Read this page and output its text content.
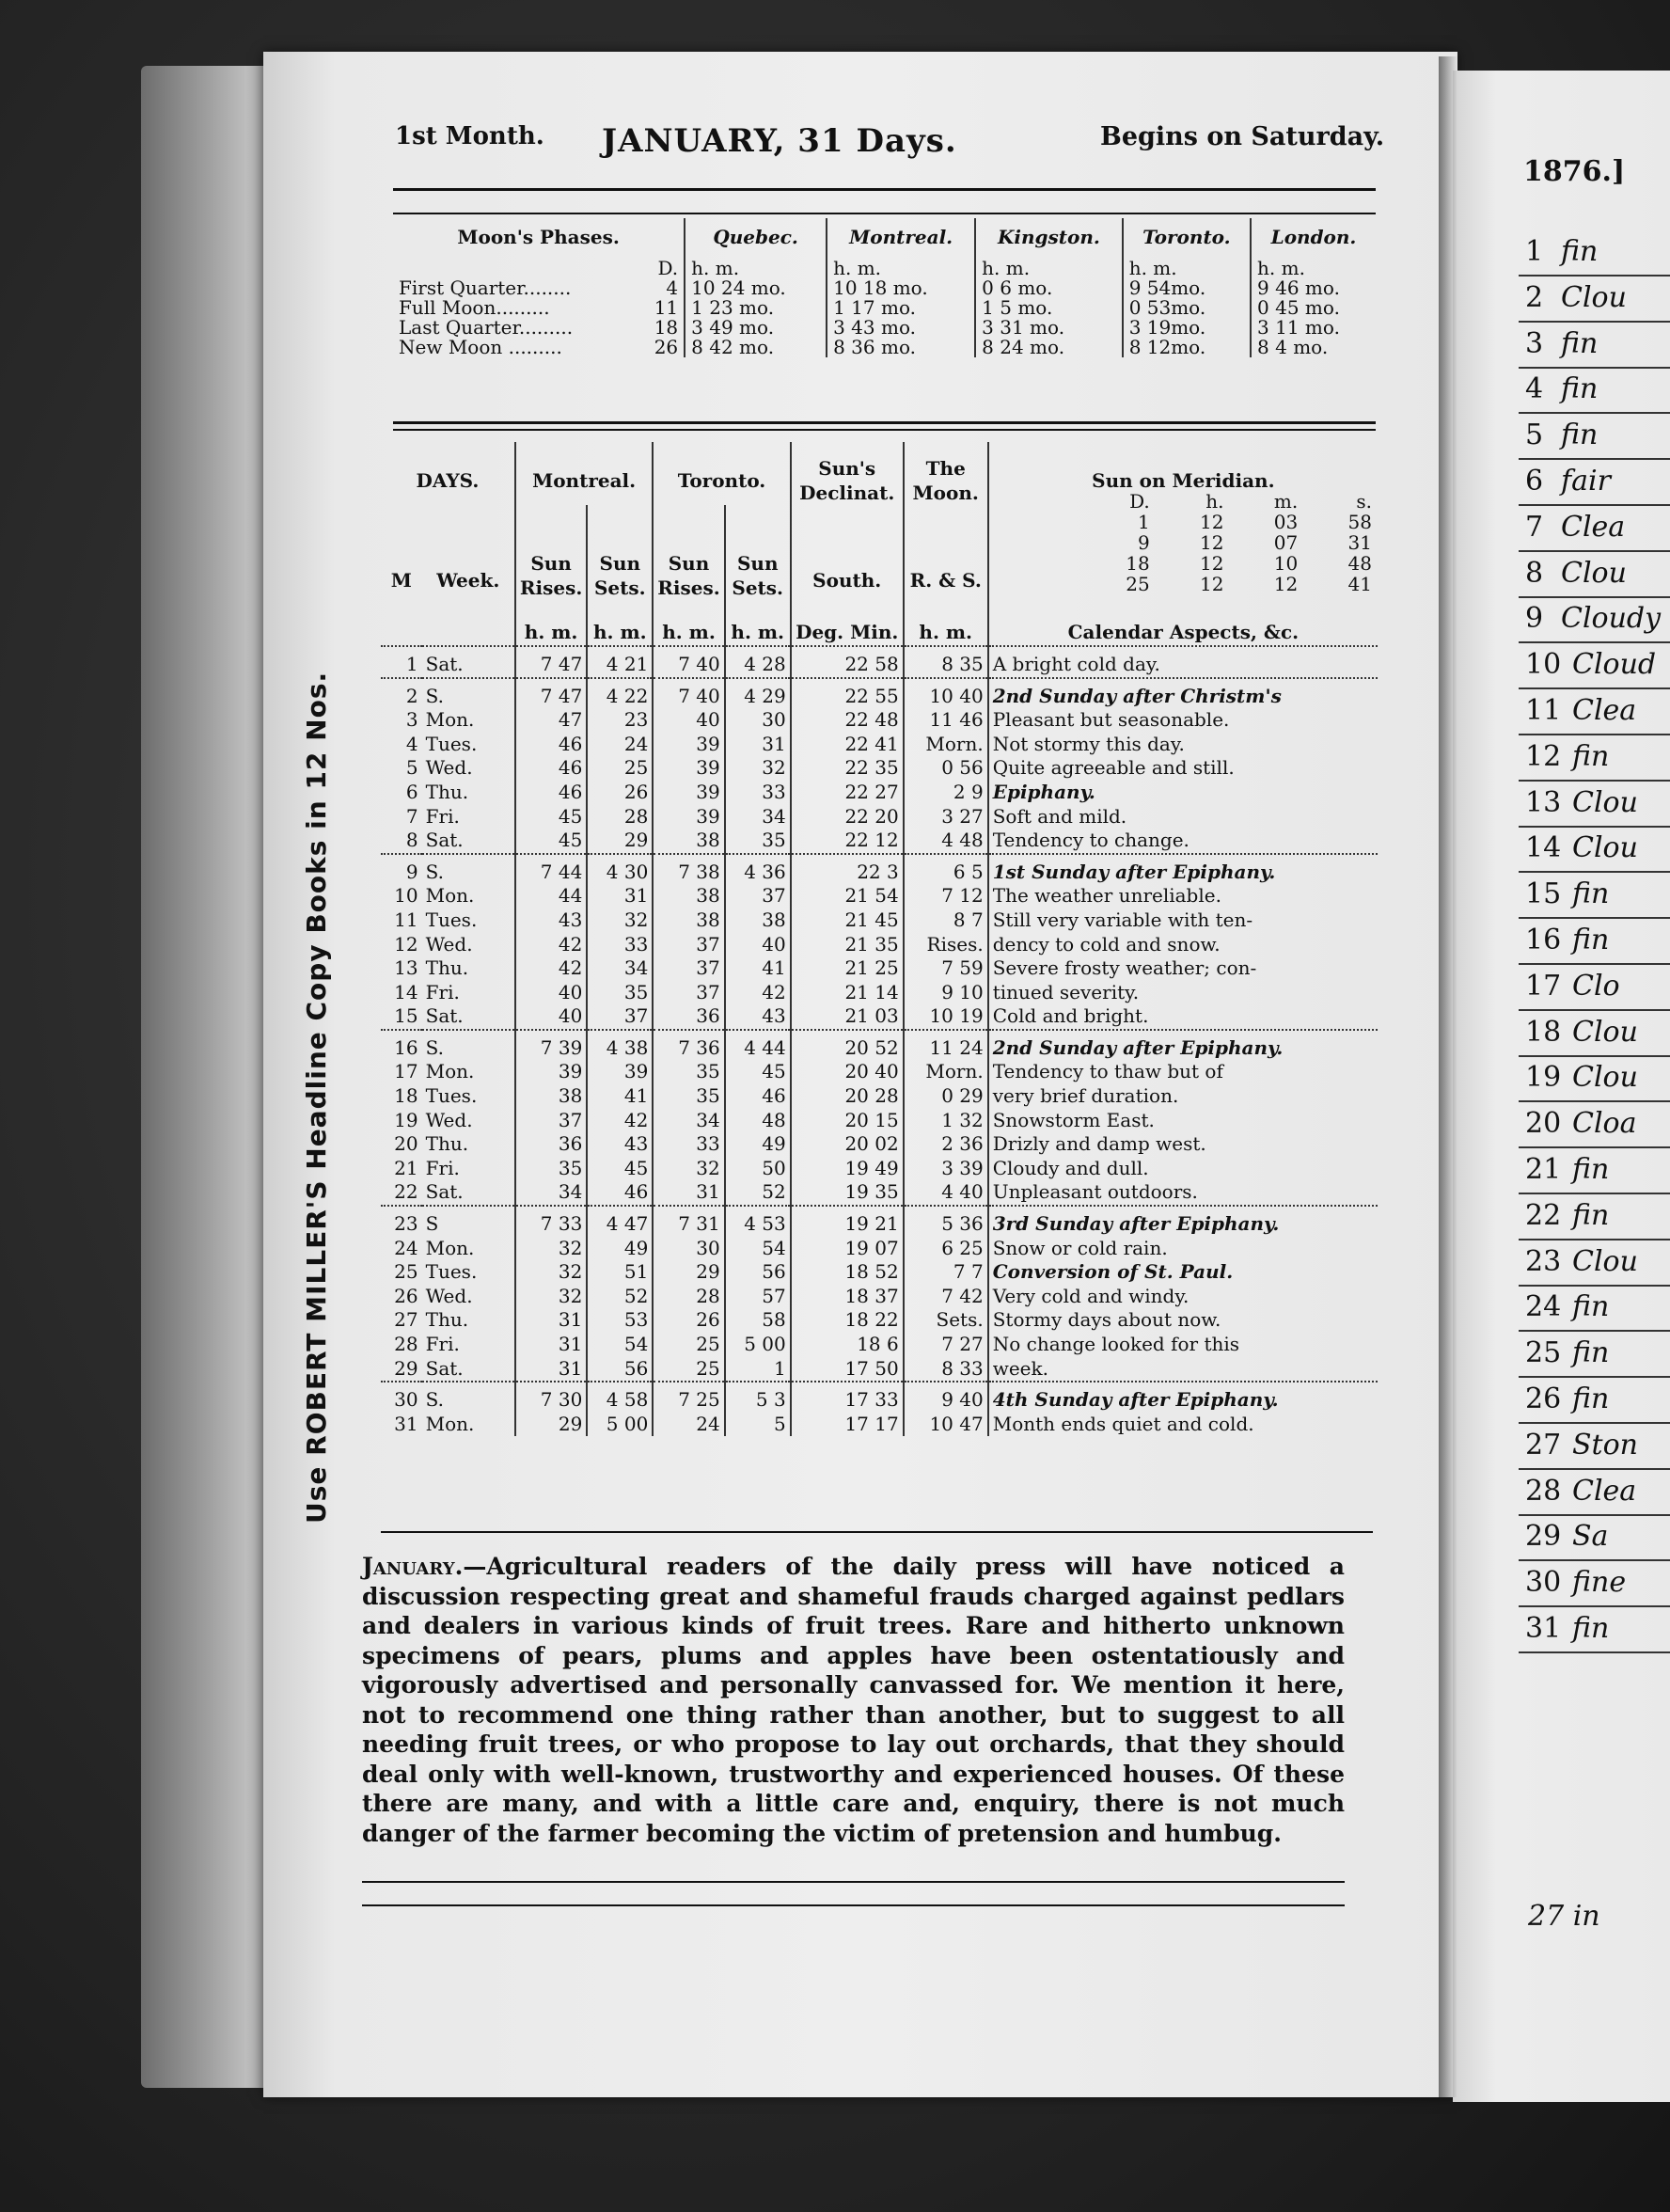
1st Month. JANUARY, 31 Days.	Begins on Saturday.
Use ROBERT MILLER'S Headline Copy Books in 12 Nos.
Moon's Phases.		Quebec.	Montreal.	Kingston.	Toronto.	London.
	D.	h. m.	h. m.	h. m.	h. m.	h. m.
First Quarter........	4	10 24 mo.	10 18 mo.	0 6 mo.	9 54mo.	9 46 mo.
Full Moon.........	11	1 23 mo.	1 17 mo.	1 5 mo.	0 53mo.	0 45 mo.
Last Quarter.........	18	3 49 mo.	3 43 mo.	3 31 mo.	3 19mo.	3 11 mo.
New Moon .........	26	8 42 mo.	8 36 mo.	8 24 mo.	8 12mo.	8 4 mo.
DAYS.		Montreal.		Toronto.		Sun's Declinat.	The Moon.	Sun on Meridian.
M	Week.	Sun Rises.	Sun Sets.	Sun Rises.	Sun Sets.	South.	R. & S.	
		h. m.	h. m.	h. m.	h. m.	Deg. Min.	h. m.	Calendar Aspects, &c.
1	Sat.	7 47	4 21	7 40	4 28	22 58	8 35	A bright cold day.
2	S.	7 47	4 22	7 40	4 29	22 55	10 40	2nd Sunday after Christm's
3	Mon.	47	23	40	30	22 48	11 46	Pleasant but seasonable.
4	Tues.	46	24	39	31	22 41	Morn.	Not stormy this day.
5	Wed.	46	25	39	32	22 35	0 56	Quite agreeable and still.
6	Thu.	46	26	39	33	22 27	2 9	Epiphany.
7	Fri.	45	28	39	34	22 20	3 27	Soft and mild.
8	Sat.	45	29	38	35	22 12	4 48	Tendency to change.
9	S.	7 44	4 30	7 38	4 36	22 3	6 5	1st Sunday after Epiphany.
10	Mon.	44	31	38	37	21 54	7 12	The weather unreliable.
11	Tues.	43	32	38	38	21 45	8 7	Still very variable with ten-
12	Wed.	42	33	37	40	21 35	Rises.	dency to cold and snow.
13	Thu.	42	34	37	41	21 25	7 59	Severe frosty weather; con-
14	Fri.	40	35	37	42	21 14	9 10	tinued severity.
15	Sat.	40	37	36	43	21 03	10 19	Cold and bright.
16	S.	7 39	4 38	7 36	4 44	20 52	11 24	2nd Sunday after Epiphany.
17	Mon.	39	39	35	45	20 40	Morn.	Tendency to thaw but of
18	Tues.	38	41	35	46	20 28	0 29	very brief duration.
19	Wed.	37	42	34	48	20 15	1 32	Snowstorm East.
20	Thu.	36	43	33	49	20 02	2 36	Drizly and damp west.
21	Fri.	35	45	32	50	19 49	3 39	Cloudy and dull.
22	Sat.	34	46	31	52	19 35	4 40	Unpleasant outdoors.
23	S	7 33	4 47	7 31	4 53	19 21	5 36	3rd Sunday after Epiphany.
24	Mon.	32	49	30	54	19 07	6 25	Snow or cold rain.
25	Tues.	32	51	29	56	18 52	7 7	Conversion of St. Paul.
26	Wed.	32	52	28	57	18 37	7 42	Very cold and windy.
27	Thu.	31	53	26	58	18 22	Sets.	Stormy days about now.
28	Fri.	31	54	25	5 00	18 6	7 27	No change looked for this
29	Sat.	31	56	25	1	17 50	8 33	week.
30	S.	7 30	4 58	7 25	5 3	17 33	9 40	4th Sunday after Epiphany.
31	Mon.	29	5 00	24	5	17 17	10 47	Month ends quiet and cold.

D.	h.	m.	s.
1	12	03	58
9	12	07	31
18	12	10	48
25	12	12	41
January.—Agricultural readers of the daily press will have noticed a discussion respecting great and shameful frauds charged against pedlars and dealers in various kinds of fruit trees. Rare and hitherto unknown specimens of pears, plums and apples have been ostentatiously and vigorously advertised and personally canvassed for. We mention it here, not to recommend one thing rather than another, but to suggest to all needing fruit trees, or who propose to lay out orchards, that they should deal only with well-known, trustworthy and experienced houses. Of these there are many, and with a little care and, enquiry, there is not much danger of the farmer becoming the victim of pretension and humbug.
1876.]
1 fin
2 Clou
3 fin
4 fin
5 fin
6 fair
7 Clea
8 Clou
9 Cloudy
10 Cloud
11 Clea
12 fin
13 Clou
14 Clou
15 fin
16 fin
17 Clo
18 Clou
19 Clou
20 Cloa
21 fin
22 fin
23 Clou
24 fin
25 fin
26 fin
27 Ston
28 Clea
29 Sa
30 fine
31 fin
27 in
